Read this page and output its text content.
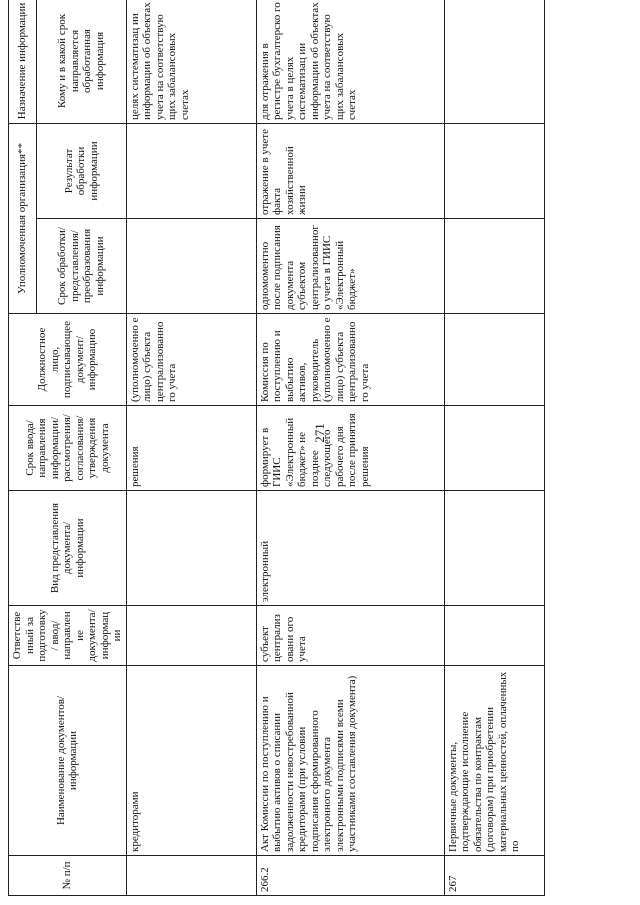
271
№ п/п	Наименование документов/информации	Ответственный за подготовку/ ввод/ направление документа/ информации	Вид представления документа/ информации	Срок ввода/ направления информации/ рассмотрения/ согласования/ утверждения документа	Должностное лицо, подписывающее документ/ информацию	Уполномоченная организация**		Назначение информации
						Срок обработки/ представления/ преобразования информации	Результат обработки информации	Кому и в какой срок направляется обработанная информация
	кредиторами			решения	(уполномоченно е лицо) субъекта централизованно го учета			целях систематизац ии информации об объектах учета на соответствую щих забалансовых счетах
266.2	Акт Комиссии по поступлению и выбытию активов о списании задолженности невостребованной кредиторами (при условии подписания сформированного электронного документа электронными подписями всеми участниками составления документа)	субъект централизовани ого учета	электронный	формирует в ГИИС «Электронный бюджет» не позднее следующего рабочего дня после принятия решения	Комиссия по поступлению и выбытию активов, руководитель (уполномоченно е лицо) субъекта централизованно го учета	одномоментно после подписания документа субъектом централизованног о учета в ГИИС «Электронный бюджет»	отражение в учете факта хозяйственной жизни	для отражения в регистре бухгалтерско го учета в целях систематизац ии информации об объектах учета на соответствую щих забалансовых счетах
267	Первичные документы, подтверждающие исполнение обязательства по контрактам (договорам) при приобретении материальных ценностей, оплаченных по							
